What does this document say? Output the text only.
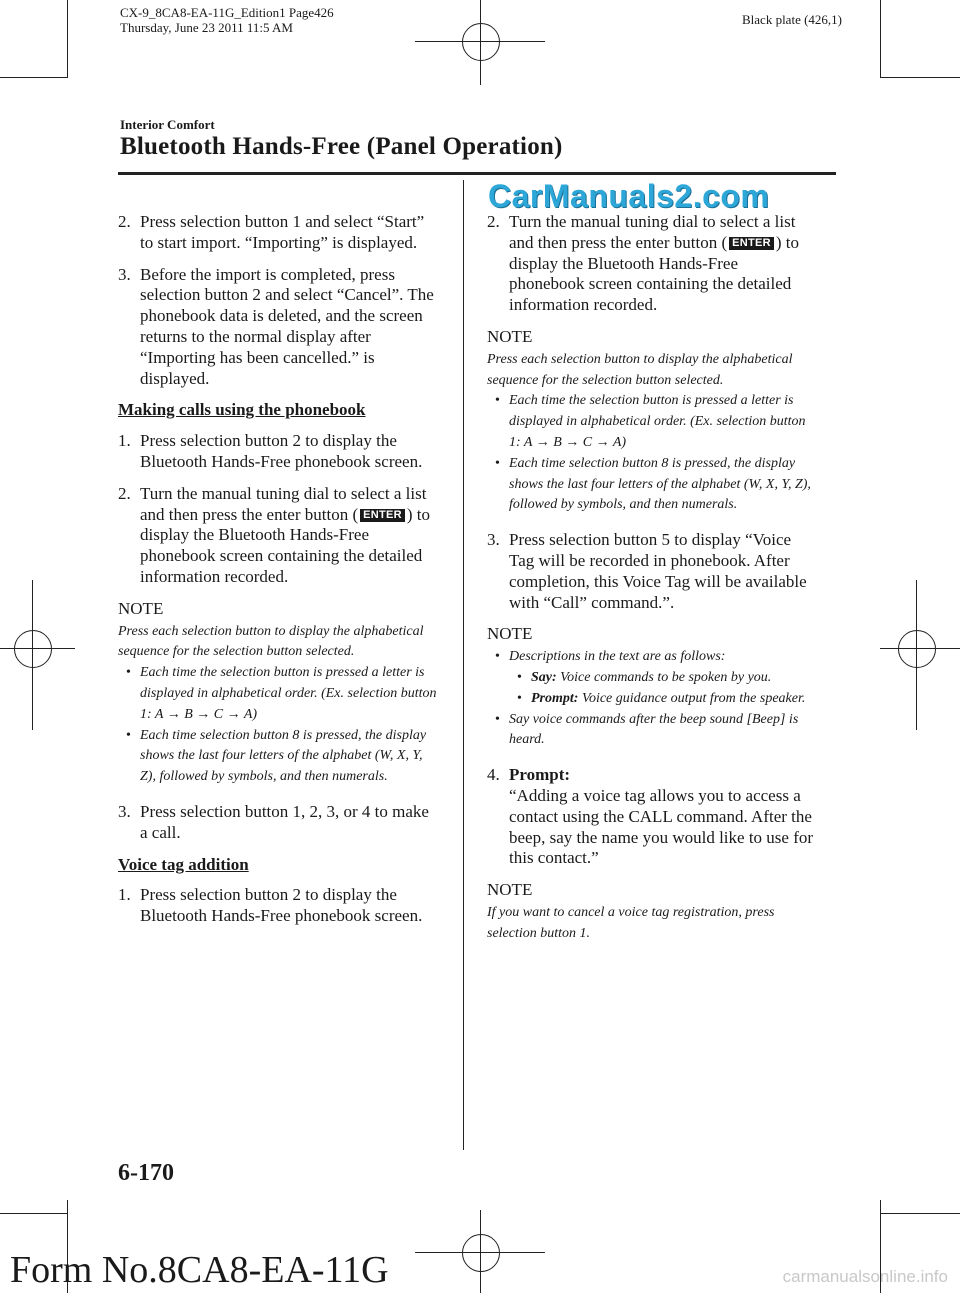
CX-9_8CA8-EA-11G_Edition1 Page426
Thursday, June 23 2011 11:5 AM
Black plate (426,1)
Interior Comfort
Bluetooth Hands-Free (Panel Operation)
CarManuals2.com
2. Press selection button 1 and select “Start” to start import. “Importing” is displayed.

3. Before the import is completed, press selection button 2 and select “Cancel”. The phonebook data is deleted, and the screen returns to the normal display after “Importing has been cancelled.” is displayed.

Making calls using the phonebook
1. Press selection button 2 to display the Bluetooth Hands-Free phonebook screen.

2. Turn the manual tuning dial to select a list and then press the enter button ( ENTER ) to display the Bluetooth Hands-Free phonebook screen containing the detailed information recorded.

NOTE
Press each selection button to display the alphabetical sequence for the selection button selected.
• Each time the selection button is pressed a letter is displayed in alphabetical order. (Ex. selection button 1: A → B → C → A)
• Each time selection button 8 is pressed, the display shows the last four letters of the alphabet (W, X, Y, Z), followed by symbols, and then numerals.
3. Press selection button 1, 2, 3, or 4 to make a call.

Voice tag addition
1. Press selection button 2 to display the Bluetooth Hands-Free phonebook screen.

2. Turn the manual tuning dial to select a list and then press the enter button ( ENTER ) to display the Bluetooth Hands-Free phonebook screen containing the detailed information recorded.

NOTE
Press each selection button to display the alphabetical sequence for the selection button selected.
• Each time the selection button is pressed a letter is displayed in alphabetical order. (Ex. selection button 1: A → B → C → A)
• Each time selection button 8 is pressed, the display shows the last four letters of the alphabet (W, X, Y, Z), followed by symbols, and then numerals.
3. Press selection button 5 to display “Voice Tag will be recorded in phonebook. After completion, this Voice Tag will be available with “Call” command.”.

NOTE
• Descriptions in the text are as follows:
• Say: Voice commands to be spoken by you.
• Prompt: Voice guidance output from the speaker.
• Say voice commands after the beep sound [Beep] is heard.
4. Prompt:

“Adding a voice tag allows you to access a contact using the CALL command. After the beep, say the name you would like to use for this contact.”

NOTE
If you want to cancel a voice tag registration, press selection button 1.
6-170
Form No.8CA8-EA-11G	carmanualsonline.info
